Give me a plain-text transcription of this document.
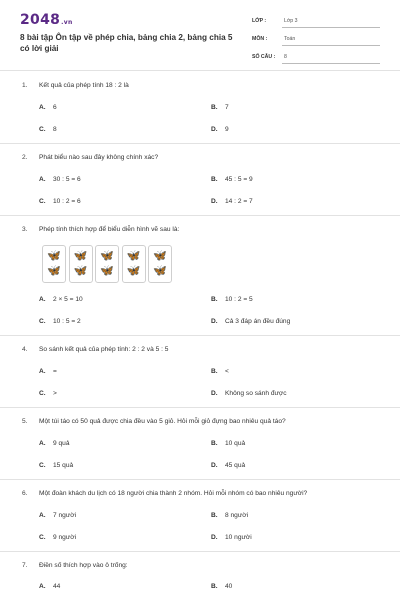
2048.vn
8 bài tập Ôn tập về phép chia, bảng chia 2, bảng chia 5 có lời giải
LỚP :	Lớp 3
MÔN :	Toán
SỐ CÂU :	8
1. Kết quả của phép tính 18 : 2 là
A. 6	B. 7
C. 8	D. 9
2. Phát biểu nào sau đây không chính xác?
A. 30 : 5 = 6	B. 45 : 5 = 9
C. 10 : 2 = 6	D. 14 : 2 = 7
3. Phép tính thích hợp để biểu diễn hình vẽ sau là:
🦋
🦋
🦋
🦋
🦋
🦋
🦋
🦋
🦋
🦋
A. 2 × 5 = 10	B. 10 : 2 = 5
C. 10 : 5 = 2	D. Cả 3 đáp án đều đúng
4. So sánh kết quả của phép tính: 2 : 2 và 5 : 5
A. =	B. <
C. >	D. Không so sánh được
5. Một túi táo có 50 quả được chia đều vào 5 giỏ. Hỏi mỗi giỏ đựng bao nhiêu quả táo?
A. 9 quả	B. 10 quả
C. 15 quả	D. 45 quả
6. Một đoàn khách du lịch có 18 người chia thành 2 nhóm. Hỏi mỗi nhóm có bao nhiêu người?
A. 7 người	B. 8 người
C. 9 người	D. 10 người
7. Điền số thích hợp vào ô trống:
A. 44	B. 40
